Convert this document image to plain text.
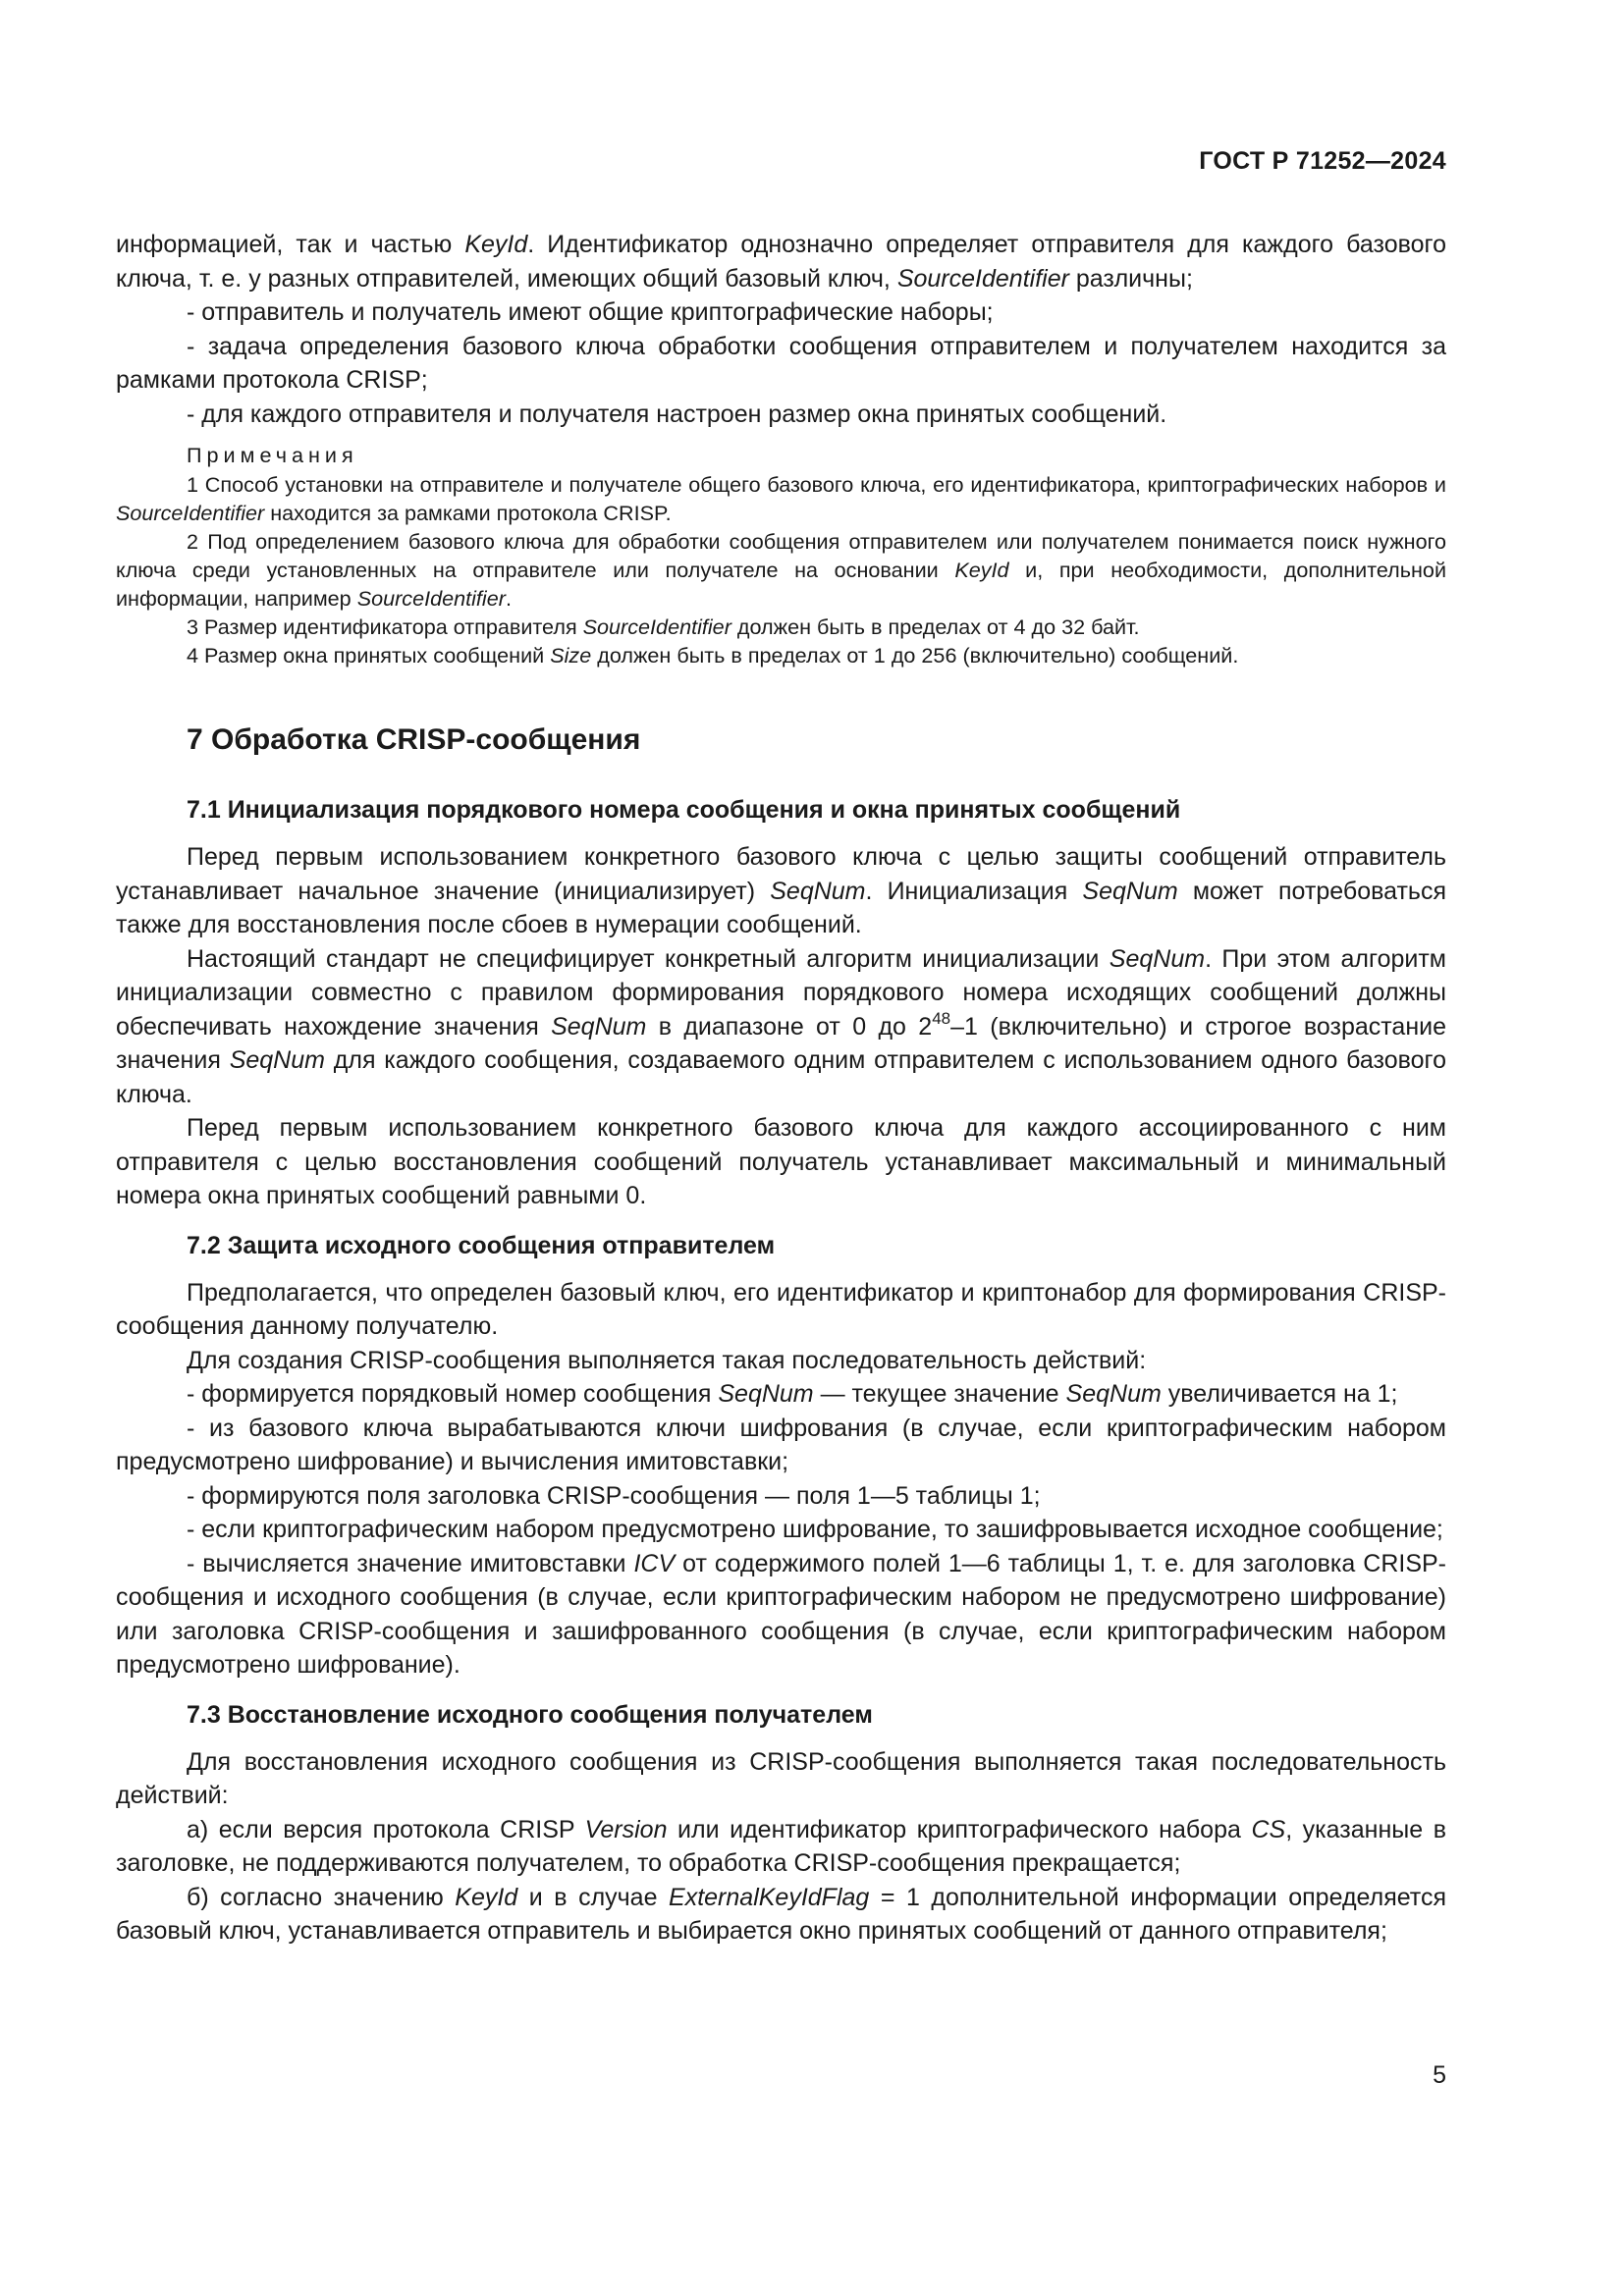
ГОСТ Р 71252—2024

информацией, так и частью KeyId. Идентификатор однозначно определяет отправителя для каждого базового ключа, т. е. у разных отправителей, имеющих общий базовый ключ, SourceIdentifier различны;

- отправитель и получатель имеют общие криптографические наборы;

- задача определения базового ключа обработки сообщения отправителем и получателем находится за рамками протокола CRISP;

- для каждого отправителя и получателя настроен размер окна принятых сообщений.

Примечания

1 Способ установки на отправителе и получателе общего базового ключа, его идентификатора, криптографических наборов и SourceIdentifier находится за рамками протокола CRISP.

2 Под определением базового ключа для обработки сообщения отправителем или получателем понимается поиск нужного ключа среди установленных на отправителе или получателе на основании KeyId и, при необходимости, дополнительной информации, например SourceIdentifier.

3 Размер идентификатора отправителя SourceIdentifier должен быть в пределах от 4 до 32 байт.

4 Размер окна принятых сообщений Size должен быть в пределах от 1 до 256 (включительно) сообщений.

7 Обработка CRISP-сообщения
7.1 Инициализация порядкового номера сообщения и окна принятых сообщений

Перед первым использованием конкретного базового ключа с целью защиты сообщений отправитель устанавливает начальное значение (инициализирует) SeqNum. Инициализация SeqNum может потребоваться также для восстановления после сбоев в нумерации сообщений.

Настоящий стандарт не специфицирует конкретный алгоритм инициализации SeqNum. При этом алгоритм инициализации совместно с правилом формирования порядкового номера исходящих сообщений должны обеспечивать нахождение значения SeqNum в диапазоне от 0 до $2^{48}-1$ (включительно) и строгое возрастание значения SeqNum для каждого сообщения, создаваемого одним отправителем с использованием одного базового ключа.

Перед первым использованием конкретного базового ключа для каждого ассоциированного с ним отправителя с целью восстановления сообщений получатель устанавливает максимальный и минимальный номера окна принятых сообщений равными 0.

7.2 Защита исходного сообщения отправителем

Предполагается, что определен базовый ключ, его идентификатор и криптонабор для формирования CRISP-сообщения данному получателю.

Для создания CRISP-сообщения выполняется такая последовательность действий:

- формируется порядковый номер сообщения SeqNum — текущее значение SeqNum увеличивается на 1;

- из базового ключа вырабатываются ключи шифрования (в случае, если криптографическим набором предусмотрено шифрование) и вычисления имитовставки;

- формируются поля заголовка CRISP-сообщения — поля 1—5 таблицы 1;

- если криптографическим набором предусмотрено шифрование, то зашифровывается исходное сообщение;

- вычисляется значение имитовставки ICV от содержимого полей 1—6 таблицы 1, т. е. для заголовка CRISP-сообщения и исходного сообщения (в случае, если криптографическим набором не предусмотрено шифрование) или заголовка CRISP-сообщения и зашифрованного сообщения (в случае, если криптографическим набором предусмотрено шифрование).

7.3 Восстановление исходного сообщения получателем

Для восстановления исходного сообщения из CRISP-сообщения выполняется такая последовательность действий:

а) если версия протокола CRISP Version или идентификатор криптографического набора CS, указанные в заголовке, не поддерживаются получателем, то обработка CRISP-сообщения прекращается;

б) согласно значению KeyId и в случае ExternalKeyIdFlag = 1 дополнительной информации определяется базовый ключ, устанавливается отправитель и выбирается окно принятых сообщений от данного отправителя;

5
